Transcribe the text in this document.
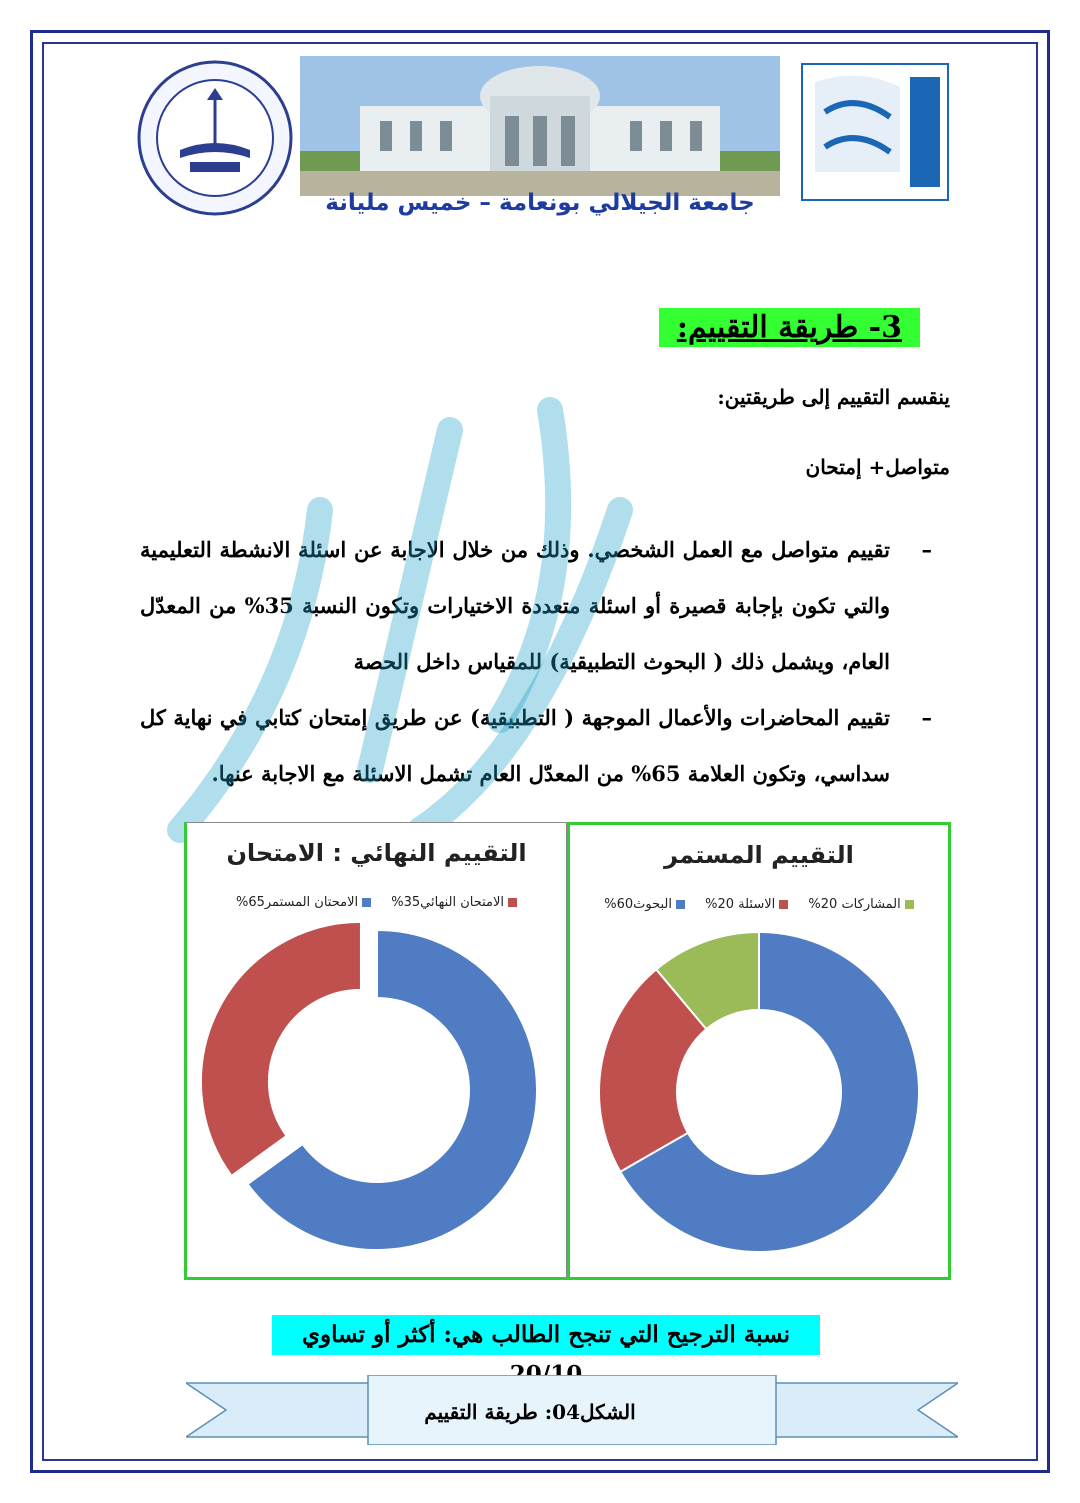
جامعة الجيلالي بونعامة – خميس مليانة
3- طريقة التقييم:
ينقسم التقييم إلى طريقتين:
متواصل+ إمتحان
– تقييم متواصل مع العمل الشخصي. وذلك من خلال الاجابة عن اسئلة الانشطة التعليمية والتي تكون بإجابة قصيرة أو اسئلة متعددة الاختيارات وتكون النسبة 35% من المعدّل العام، ويشمل ذلك ( البحوث التطبيقية) للمقياس داخل الحصة
– تقييم المحاضرات والأعمال الموجهة ( التطبيقية) عن طريق إمتحان كتابي في نهاية كل سداسي، وتكون العلامة 65% من المعدّل العام تشمل الاسئلة مع الاجابة عنها.
التقييم النهائي : الامتحان
الامتحان النهائي35% الامحتان المستمر65%
التقييم المستمر
المشاركات 20% الاسئلة 20% البحوث60%
نسبة الترجيح التي تنجح الطالب هي: أكثر أو تساوي
الشكل04: طريقة التقييم
